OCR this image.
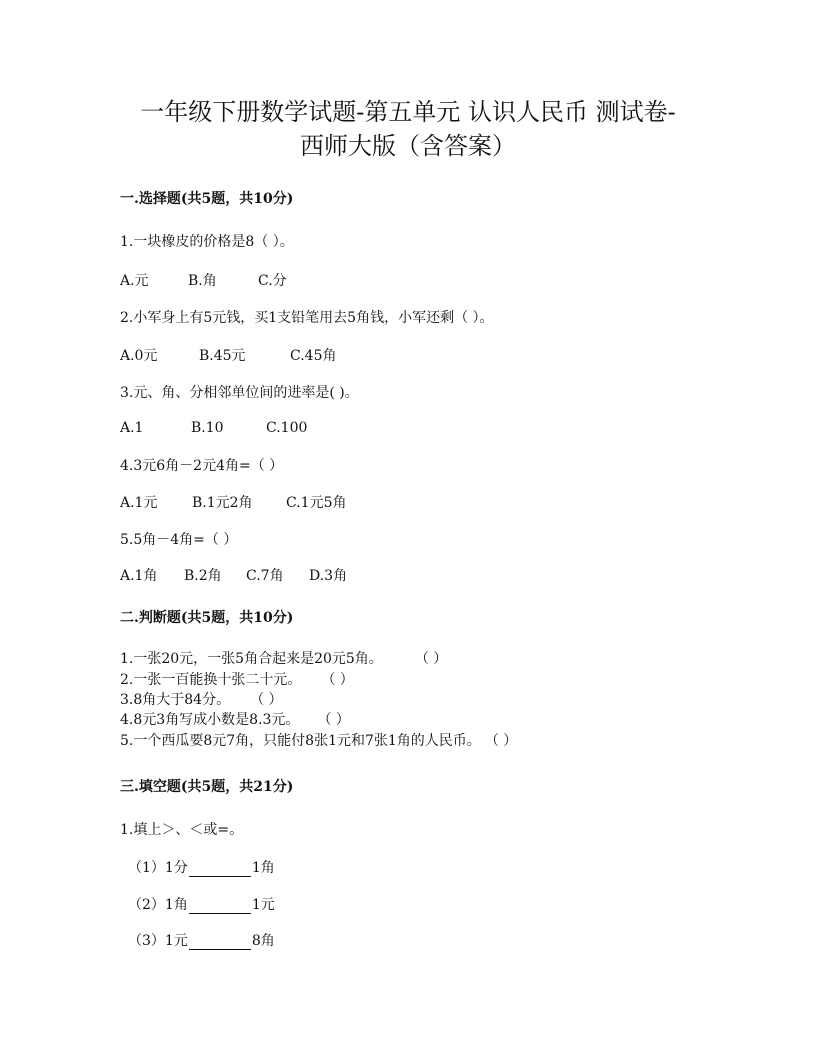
一年级下册数学试题-第五单元 认识人民币 测试卷-
西师大版（含答案）
一.选择题(共5题，共10分)
1.一块橡皮的价格是8（ ）。
A.元	B.角	C.分
2.小军身上有5元钱，买1支铅笔用去5角钱，小军还剩（ ）。
A.0元	B.45元	C.45角
3.元、角、分相邻单位间的进率是( )。
A.1	B.10	C.100
4.3元6角－2元4角=（ ）
A.1元 B.1元2角 C.1元5角
5.5角－4角=（ ）
A.1角 B.2角 C.7角 D.3角
二.判断题(共5题，共10分)
1.一张20元，一张5角合起来是20元5角。 （ ）
2.一张一百能换十张二十元。 （ ）
3.8角大于84分。 （ ）
4.8元3角写成小数是8.3元。 （ ）
5.一个西瓜要8元7角，只能付8张1元和7张1角的人民币。 （ ）
三.填空题(共5题，共21分)
1.填上＞、＜或=。
（1）1分	1角
（2）1角	1元
（3）1元	8角
